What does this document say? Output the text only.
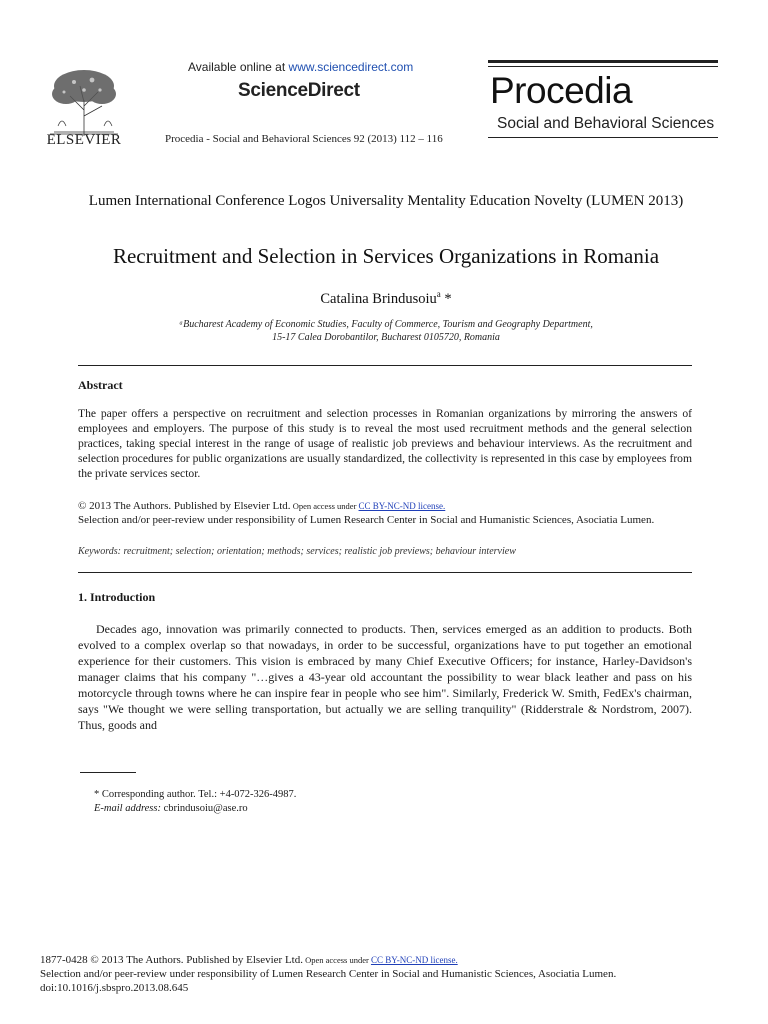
ELSEVIER
Available online at www.sciencedirect.com
ScienceDirect
Procedia - Social and Behavioral Sciences 92 (2013) 112 – 116
Procedia
Social and Behavioral Sciences
Lumen International Conference Logos Universality Mentality Education Novelty (LUMEN 2013)
Recruitment and Selection in Services Organizations in Romania
Catalina Brindusoiu$^a$ *
ᵃBucharest Academy of Economic Studies, Faculty of Commerce, Tourism and Geography Department,
15-17 Calea Dorobantilor, Bucharest 0105720, Romania
Abstract
The paper offers a perspective on recruitment and selection processes in Romanian organizations by mirroring the answers of employees and employers. The purpose of this study is to reveal the most used recruitment methods and the general selection practices, taking special interest in the range of usage of realistic job previews and behaviour interviews. As the recruitment and selection procedures for public organizations are usually standardized, the collectivity is represented in this case by employees from the private services sector.
© 2013 The Authors. Published by Elsevier Ltd. Open access under CC BY-NC-ND license.
Selection and/or peer-review under responsibility of Lumen Research Center in Social and Humanistic Sciences, Asociatia Lumen.
Keywords: recruitment; selection; orientation; methods; services; realistic job previews; behaviour interview
1. Introduction
Decades ago, innovation was primarily connected to products. Then, services emerged as an addition to products. Both evolved to a complex overlap so that nowadays, in order to be successful, organizations have to put together an emotional experience for their customers. This vision is embraced by many Chief Executive Officers; for instance, Harley-Davidson's manager claims that his company "…gives a 43-year old accountant the possibility to wear black leather and pass on his motorcycle through towns where he can inspire fear in people who see him". Similarly, Frederick W. Smith, FedEx's chairman, says "We thought we were selling transportation, but actually we are selling tranquility" (Ridderstrale & Nordstrom, 2007). Thus, goods and
* Corresponding author. Tel.: +4-072-326-4987.
E-mail address: cbrindusoiu@ase.ro
1877-0428 © 2013 The Authors. Published by Elsevier Ltd. Open access under CC BY-NC-ND license.
Selection and/or peer-review under responsibility of Lumen Research Center in Social and Humanistic Sciences, Asociatia Lumen.
doi:10.1016/j.sbspro.2013.08.645
